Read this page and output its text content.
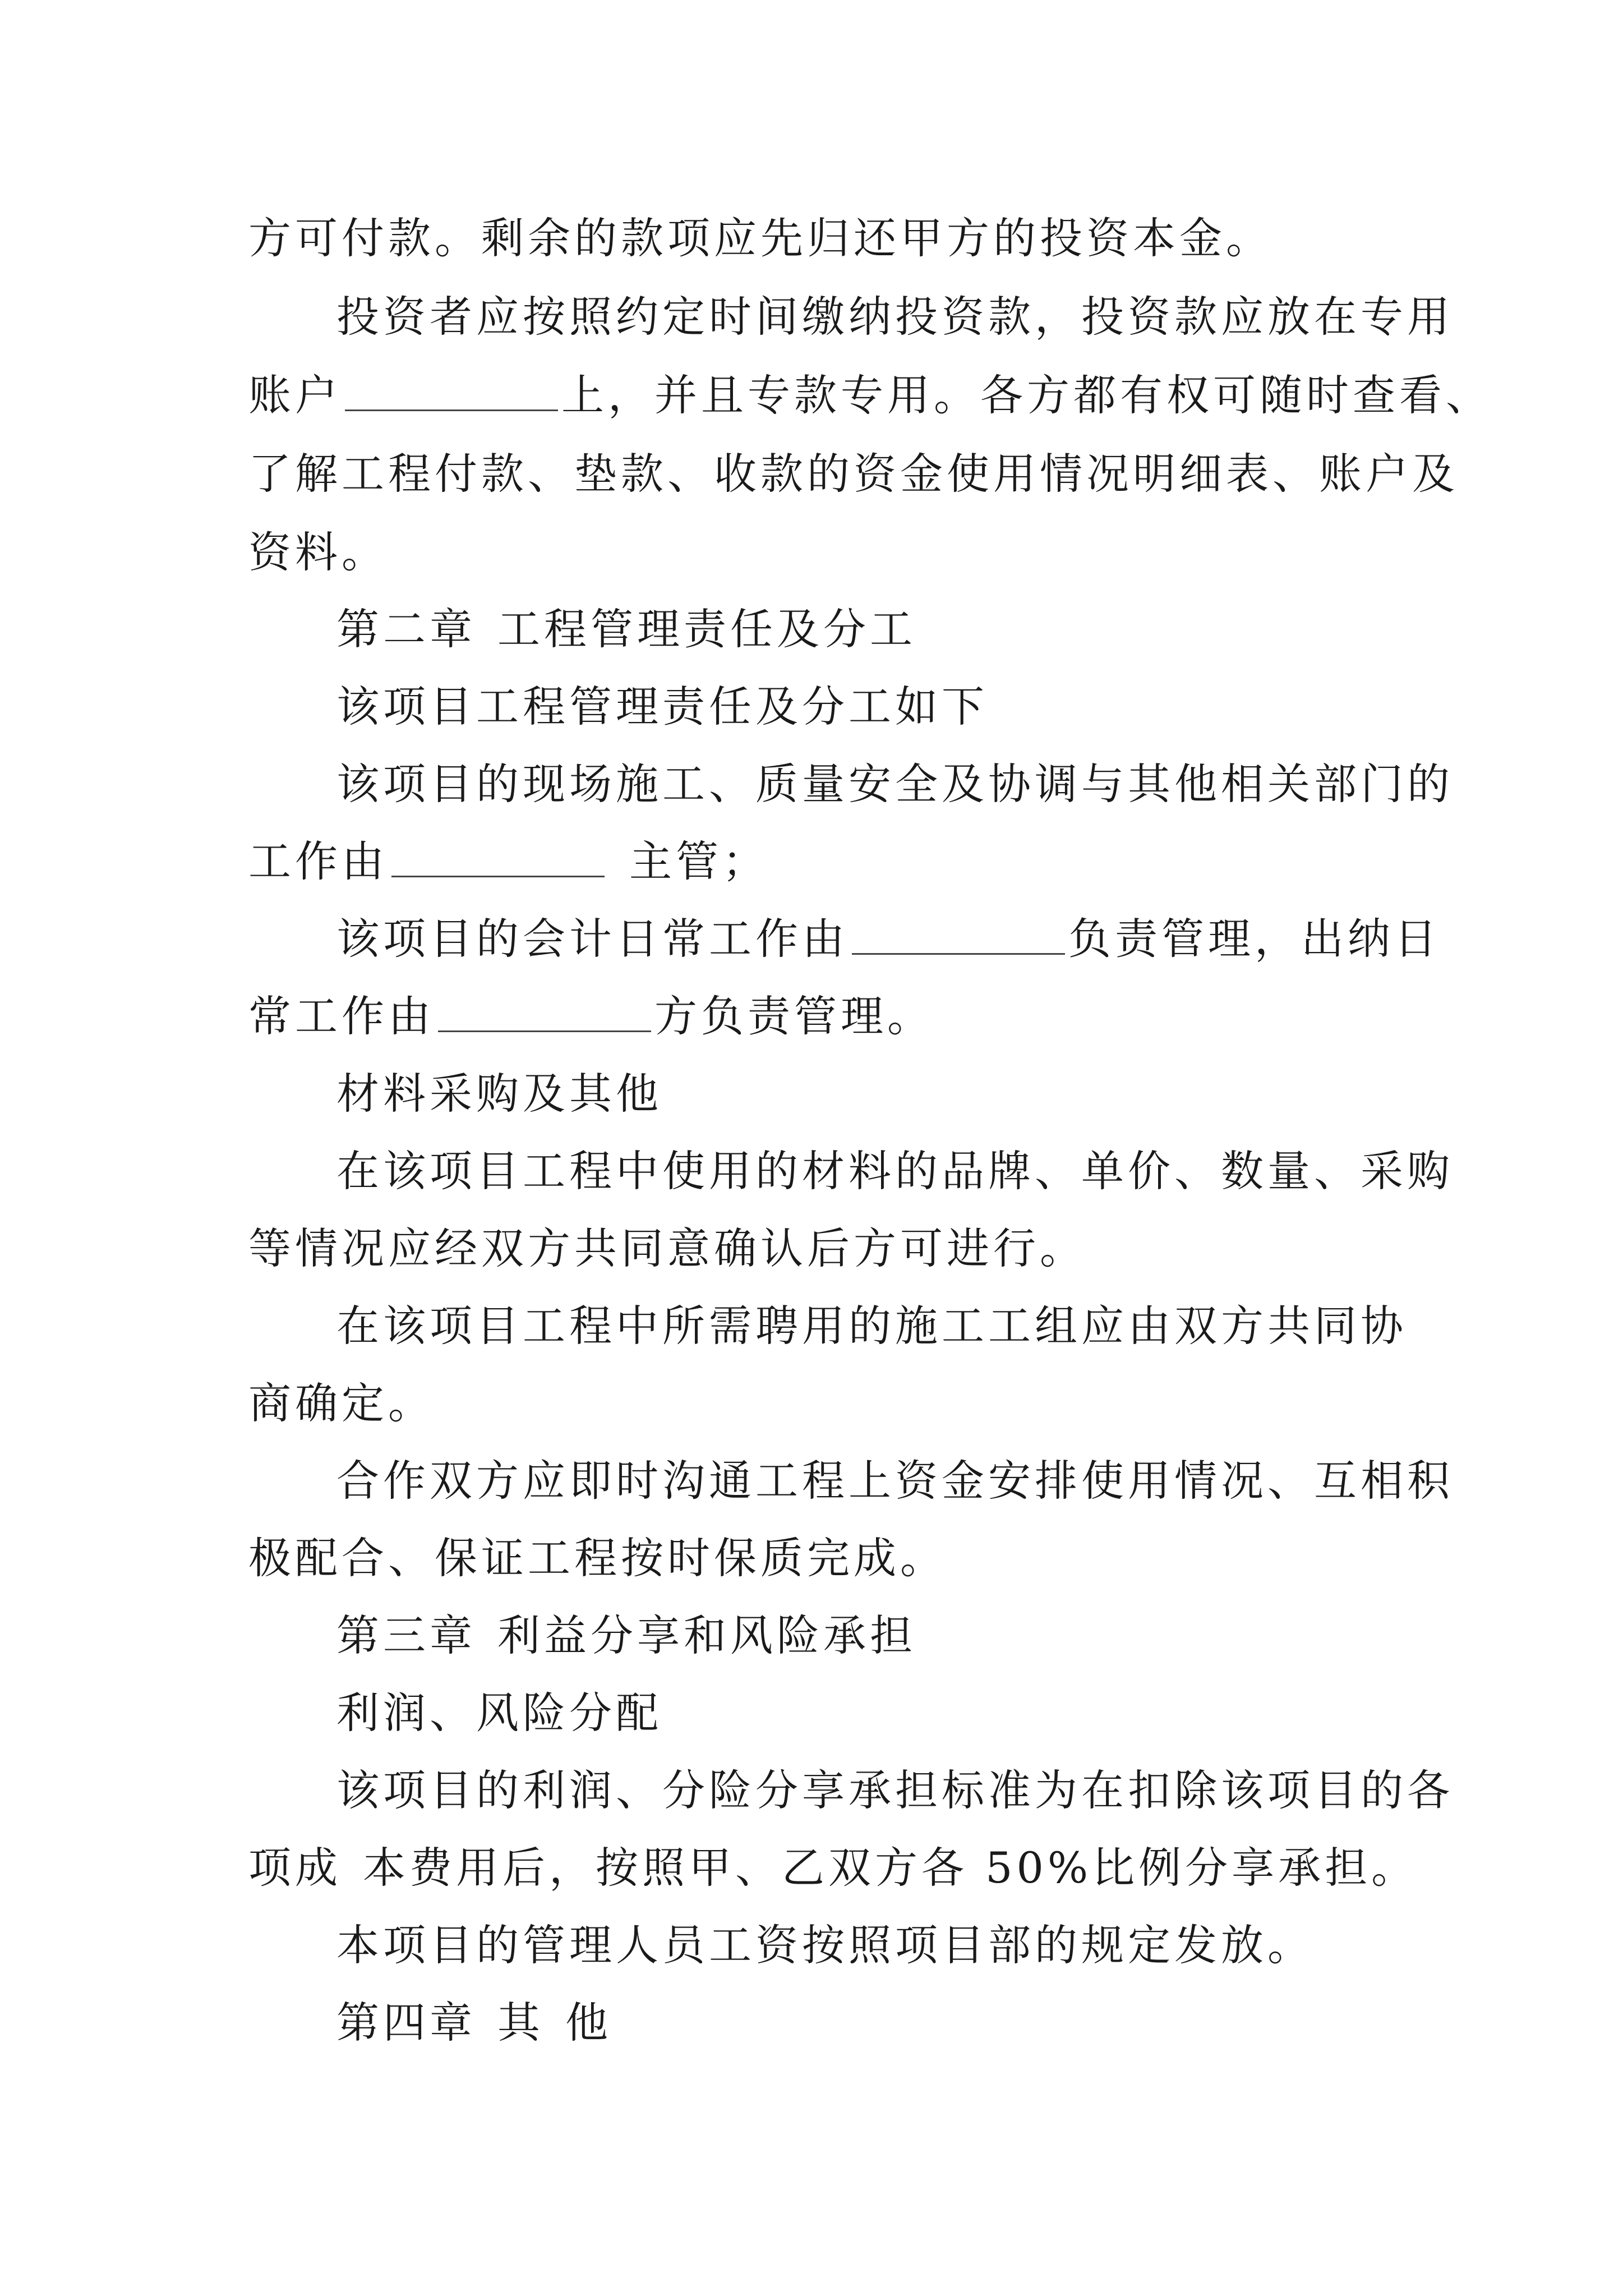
方可付款。剩余的款项应先归还甲方的投资本金。
投资者应按照约定时间缴纳投资款，投资款应放在专用
账户	上，并且专款专用。各方都有权可随时查看、
了解工程付款、垫款、收款的资金使用情况明细表、账户及
资料。
第二章 工程管理责任及分工
该项目工程管理责任及分工如下
该项目的现场施工、质量安全及协调与其他相关部门的
工作由	主管；
该项目的会计日常工作由	负责管理，出纳日
常工作由	方负责管理。
材料采购及其他
在该项目工程中使用的材料的品牌、单价、数量、采购
等情况应经双方共同意确认后方可进行。
在该项目工程中所需聘用的施工工组应由双方共同协
商确定。
合作双方应即时沟通工程上资金安排使用情况、互相积
极配合、保证工程按时保质完成。
第三章 利益分享和风险承担
利润、风险分配
该项目的利润、分险分享承担标准为在扣除该项目的各
项成 本费用后，按照甲、乙双方各 50%比例分享承担。
本项目的管理人员工资按照项目部的规定发放。
第四章 其 他
